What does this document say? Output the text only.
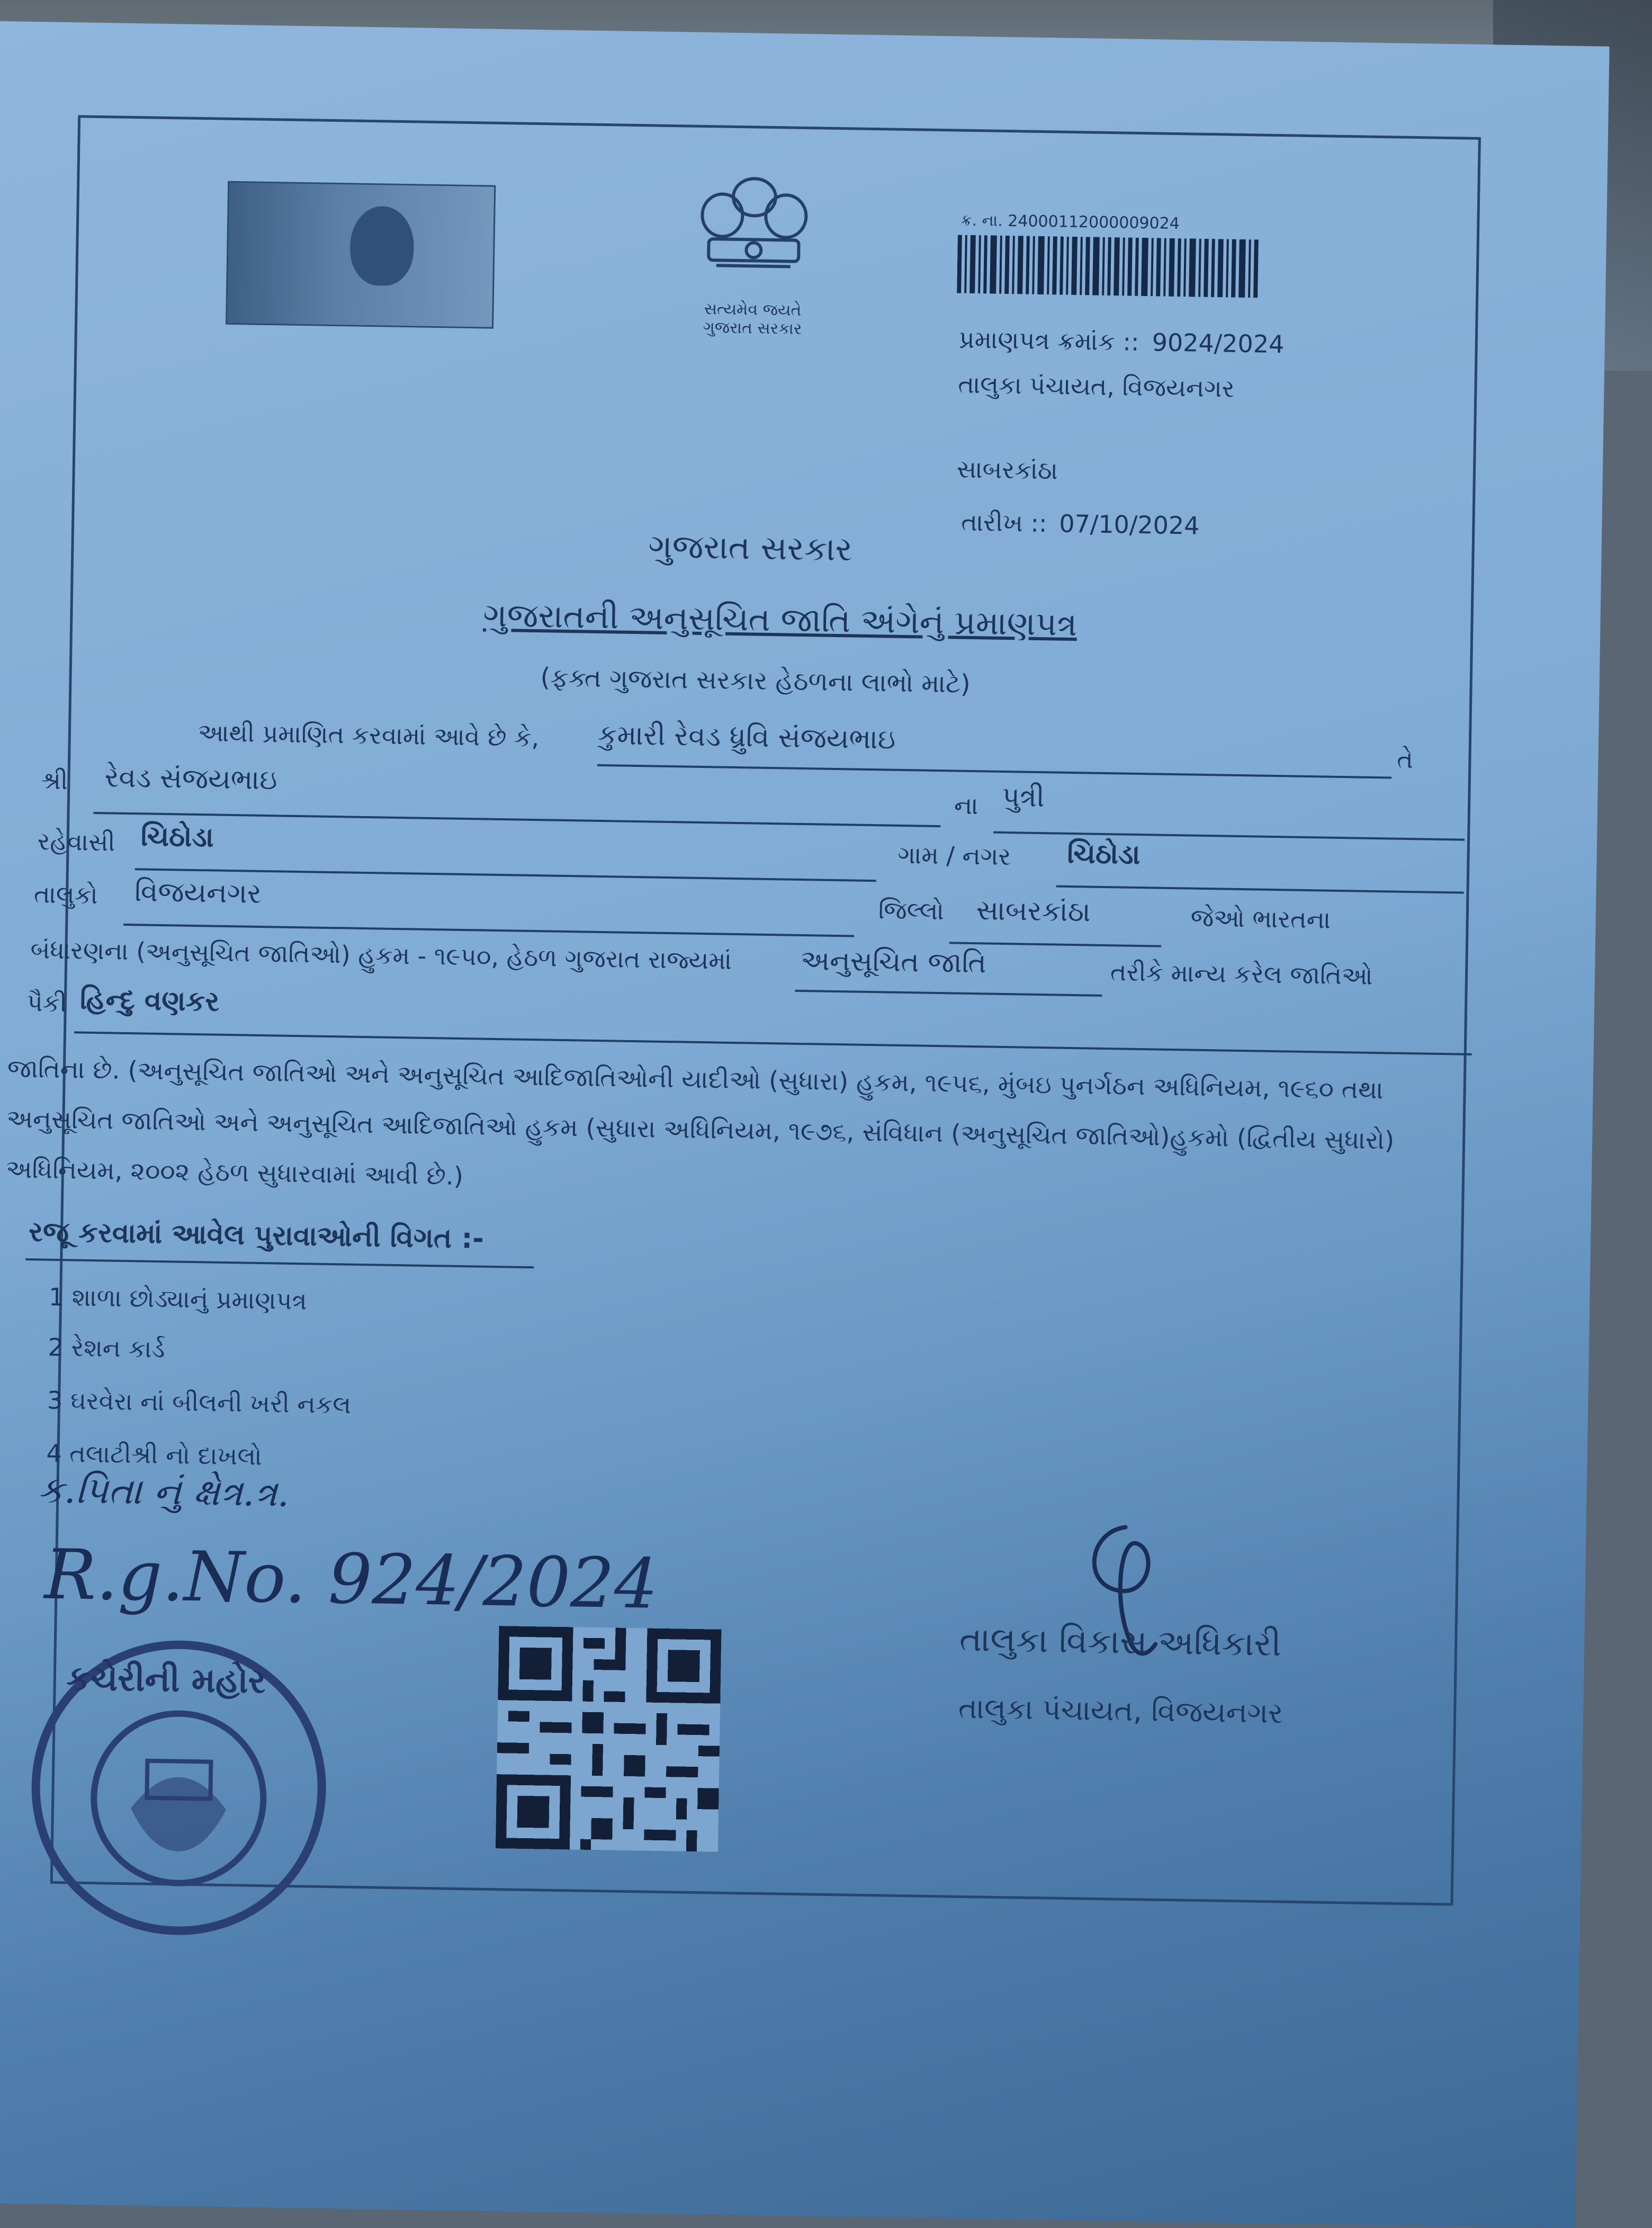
સત્યમેવ જયતે
ગુજરાત સરકાર
ક્ર. ના. 24000112000009024
પ્રમાણપત્ર ક્રમાંક :: 9024/2024
તાલુકા પંચાયત, વિજયનગર
સાબરકાંઠા
તારીખ :: 07/10/2024
ગુજરાત સરકાર
ગુજરાતની અનુસૂચિત જાતિ અંગેનું પ્રમાણપત્ર
(ફક્ત ગુજરાત સરકાર હેઠળના લાભો માટે)
આથી પ્રમાણિત કરવામાં આવે છે કે, કુમારી રેવડ ધ્રુવિ સંજયભાઇ
તે
શ્રી રેવડ સંજયભાઇ
ના પુત્રી
રહેવાસી ચિઠોડા
ગામ / નગર ચિઠોડા
તાલુકો વિજયનગર
જિલ્લો સાબરકાંઠા	જેઓ ભારતના
બંધારણના (અનુસૂચિત જાતિઓ) હુકમ - ૧૯૫૦, હેઠળ ગુજરાત રાજ્યમાં અનુસૂચિત જાતિ	તરીકે માન્ય કરેલ જાતિઓ
પૈકી હિન્દુ વણકર
જાતિના છે. (અનુસૂચિત જાતિઓ અને અનુસૂચિત આદિજાતિઓની યાદીઓ (સુધારા) હુકમ, ૧૯૫૬, મુંબઇ પુનર્ગઠન અધિનિયમ, ૧૯૬૦ તથા
અનુસૂચિત જાતિઓ અને અનુસૂચિત આદિજાતિઓ હુકમ (સુધારા અધિનિયમ, ૧૯૭૬, સંવિધાન (અનુસૂચિત જાતિઓ)હુકમો (દ્વિતીય સુધારો)
અધિનિયમ, ૨૦૦૨ હેઠળ સુધારવામાં આવી છે.)
રજૂ કરવામાં આવેલ પુરાવાઓની વિગત :-
1 શાળા છોડ્યાનું પ્રમાણપત્ર
2 રેશન કાર્ડ
3 ઘરવેરા નાં બીલની ખરી નકલ
4 તલાટીશ્રી નો દાખલો
ક.પિતા નું ક્ષેત્ર.ત્ર.
R.g.No. 924/2024
કચેરીની મહોર
તાલુકા વિકાસ અધિકારી
તાલુકા પંચાયત, વિજયનગર
